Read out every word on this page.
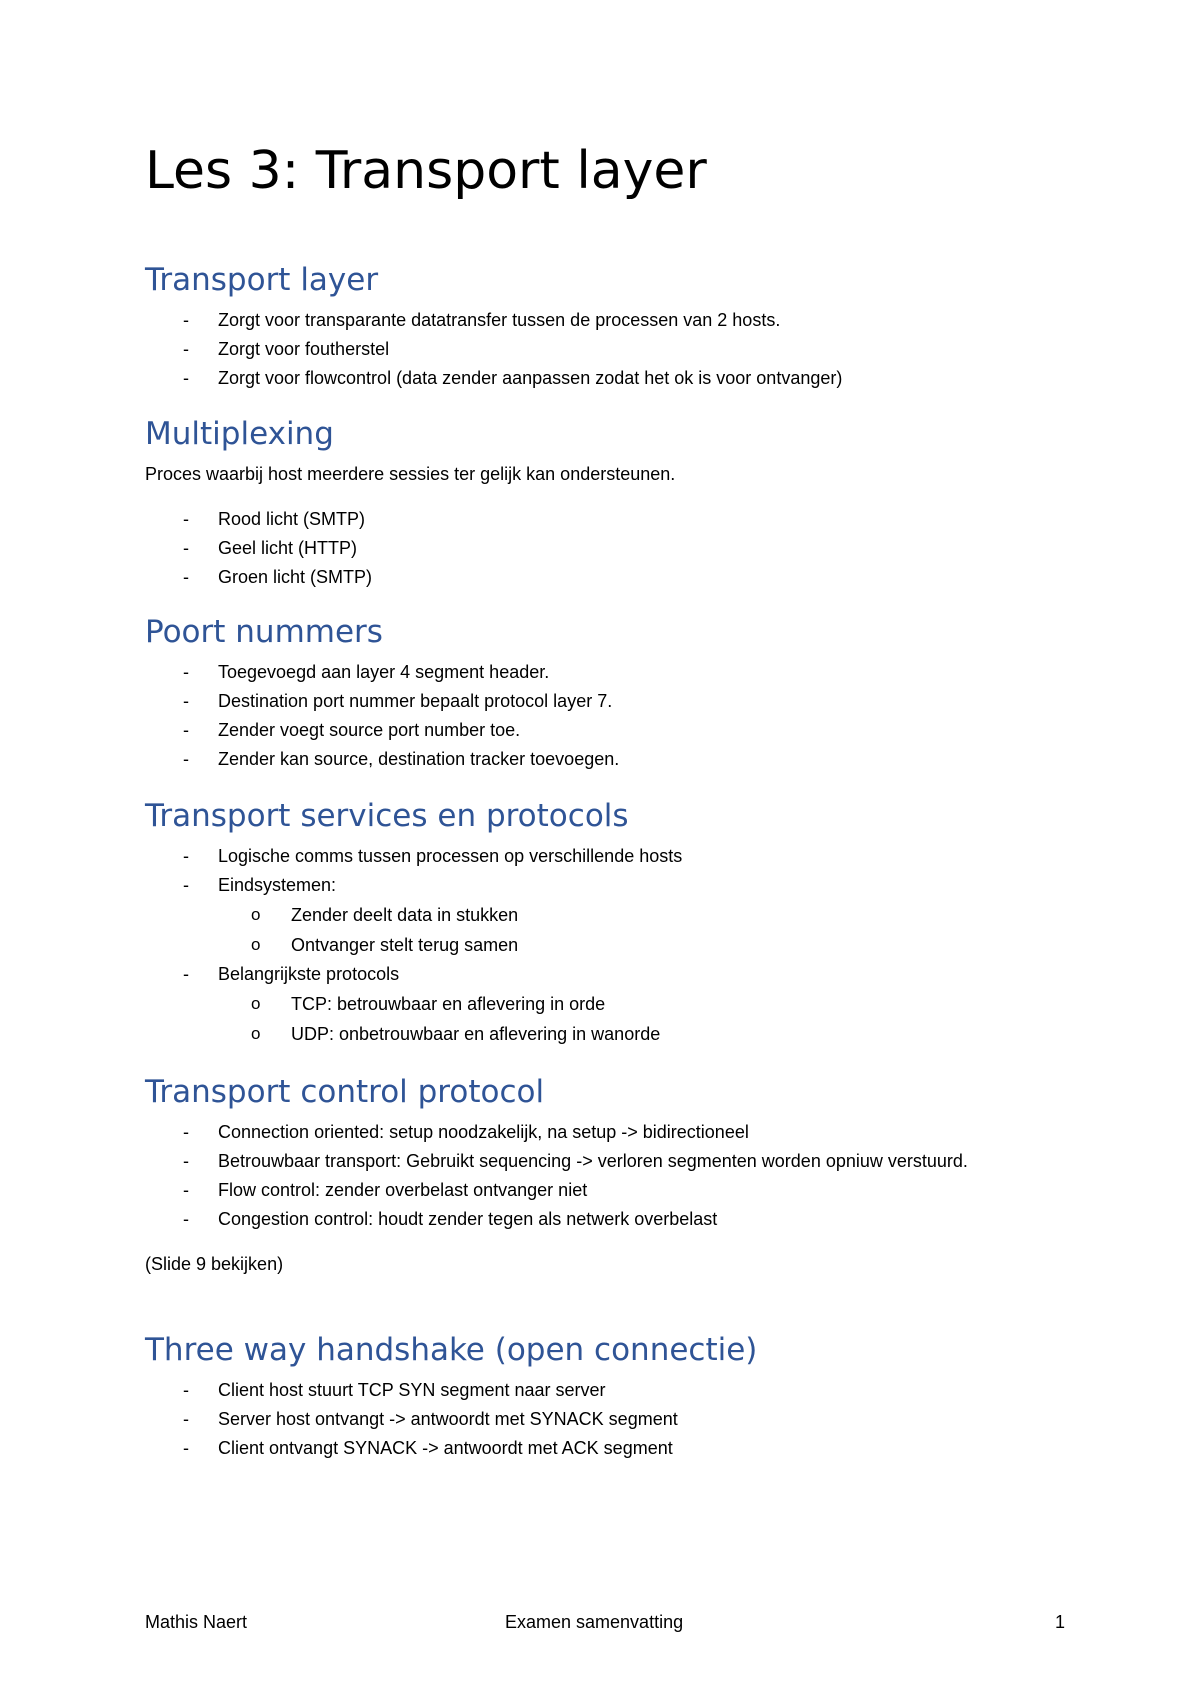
Les 3: Transport layer
Transport layer
- Zorgt voor transparante datatransfer tussen de processen van 2 hosts.
- Zorgt voor foutherstel
- Zorgt voor flowcontrol (data zender aanpassen zodat het ok is voor ontvanger)
Multiplexing
Proces waarbij host meerdere sessies ter gelijk kan ondersteunen.
- Rood licht (SMTP)
- Geel licht (HTTP)
- Groen licht (SMTP)
Poort nummers
- Toegevoegd aan layer 4 segment header.
- Destination port nummer bepaalt protocol layer 7.
- Zender voegt source port number toe.
- Zender kan source, destination tracker toevoegen.
Transport services en protocols
- Logische comms tussen processen op verschillende hosts
- Eindsystemen:
o Zender deelt data in stukken
o Ontvanger stelt terug samen
- Belangrijkste protocols
o TCP: betrouwbaar en aflevering in orde
o UDP: onbetrouwbaar en aflevering in wanorde
Transport control protocol
- Connection oriented: setup noodzakelijk, na setup -> bidirectioneel
- Betrouwbaar transport: Gebruikt sequencing -> verloren segmenten worden opniuw verstuurd.
- Flow control: zender overbelast ontvanger niet
- Congestion control: houdt zender tegen als netwerk overbelast
(Slide 9 bekijken)
Three way handshake (open connectie)
- Client host stuurt TCP SYN segment naar server
- Server host ontvangt -> antwoordt met SYNACK segment
- Client ontvangt SYNACK -> antwoordt met ACK segment
Mathis Naert	Examen samenvatting	1
